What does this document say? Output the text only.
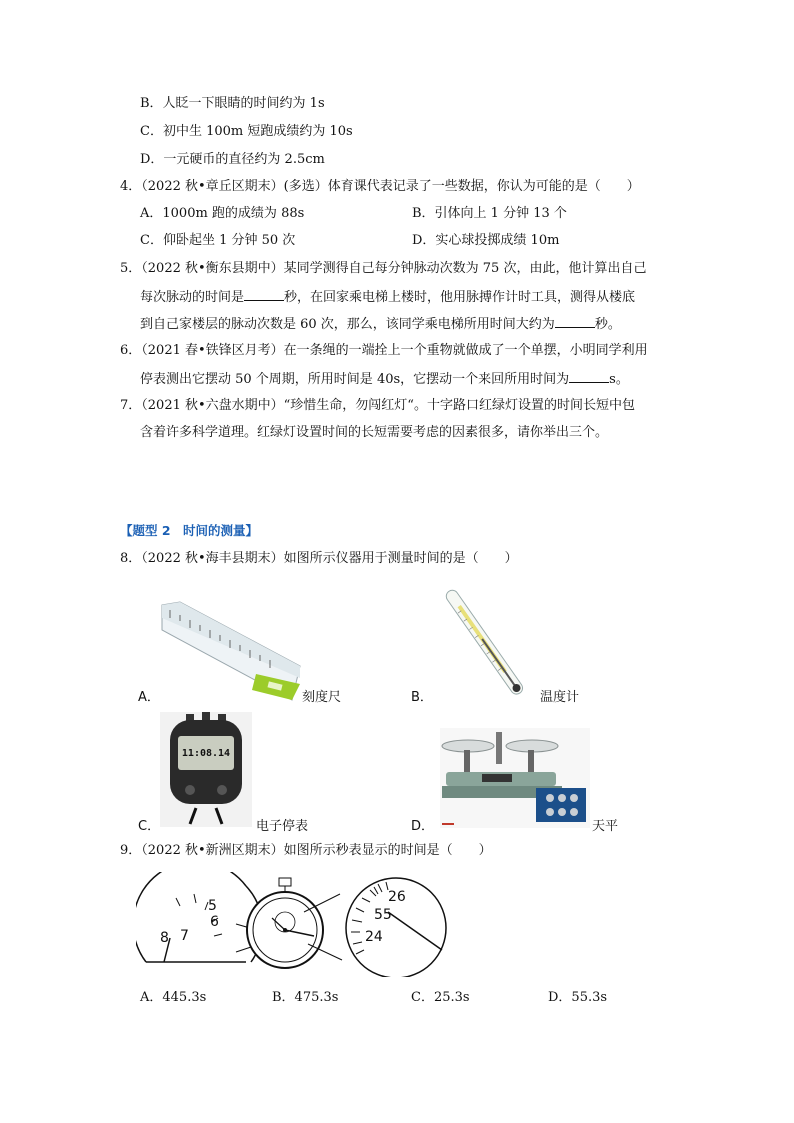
B．人眨一下眼睛的时间约为 1s
C．初中生 100m 短跑成绩约为 10s
D．一元硬币的直径约为 2.5cm
4．（2022 秋•章丘区期末）(多选）体育课代表记录了一些数据，你认为可能的是（　　）
A．1000m 跑的成绩为 88s	B．引体向上 1 分钟 13 个
C．仰卧起坐 1 分钟 50 次	D．实心球投掷成绩 10m
5．（2022 秋•衡东县期中）某同学测得自己每分钟脉动次数为 75 次，由此，他计算出自己
每次脉动的时间是	秒，在回家乘电梯上楼时，他用脉搏作计时工具，测得从楼底
到自己家楼层的脉动次数是 60 次，那么，该同学乘电梯所用时间大约为	秒。
6．（2021 春•铁锋区月考）在一条绳的一端拴上一个重物就做成了一个单摆，小明同学利用
停表测出它摆动 50 个周期，所用时间是 40s，它摆动一个来回所用时间为	s。
7．（2021 秋•六盘水期中）“珍惜生命，勿闯红灯“。十字路口红绿灯设置的时间长短中包
含着许多科学道理。红绿灯设置时间的长短需要考虑的因素很多，请你举出三个。
【题型 2　时间的测量】
8．（2022 秋•海丰县期末）如图所示仪器用于测量时间的是（　　）
A．	刻度尺	B．	温度计
11:08.14
C．	电子停表	D．	天平
9．（2022 秋•新洲区期末）如图所示秒表显示的时间是（　　）
5
6
7
8
26
55
24
A．445.3s	B．475.3s	C．25.3s	D．55.3s
